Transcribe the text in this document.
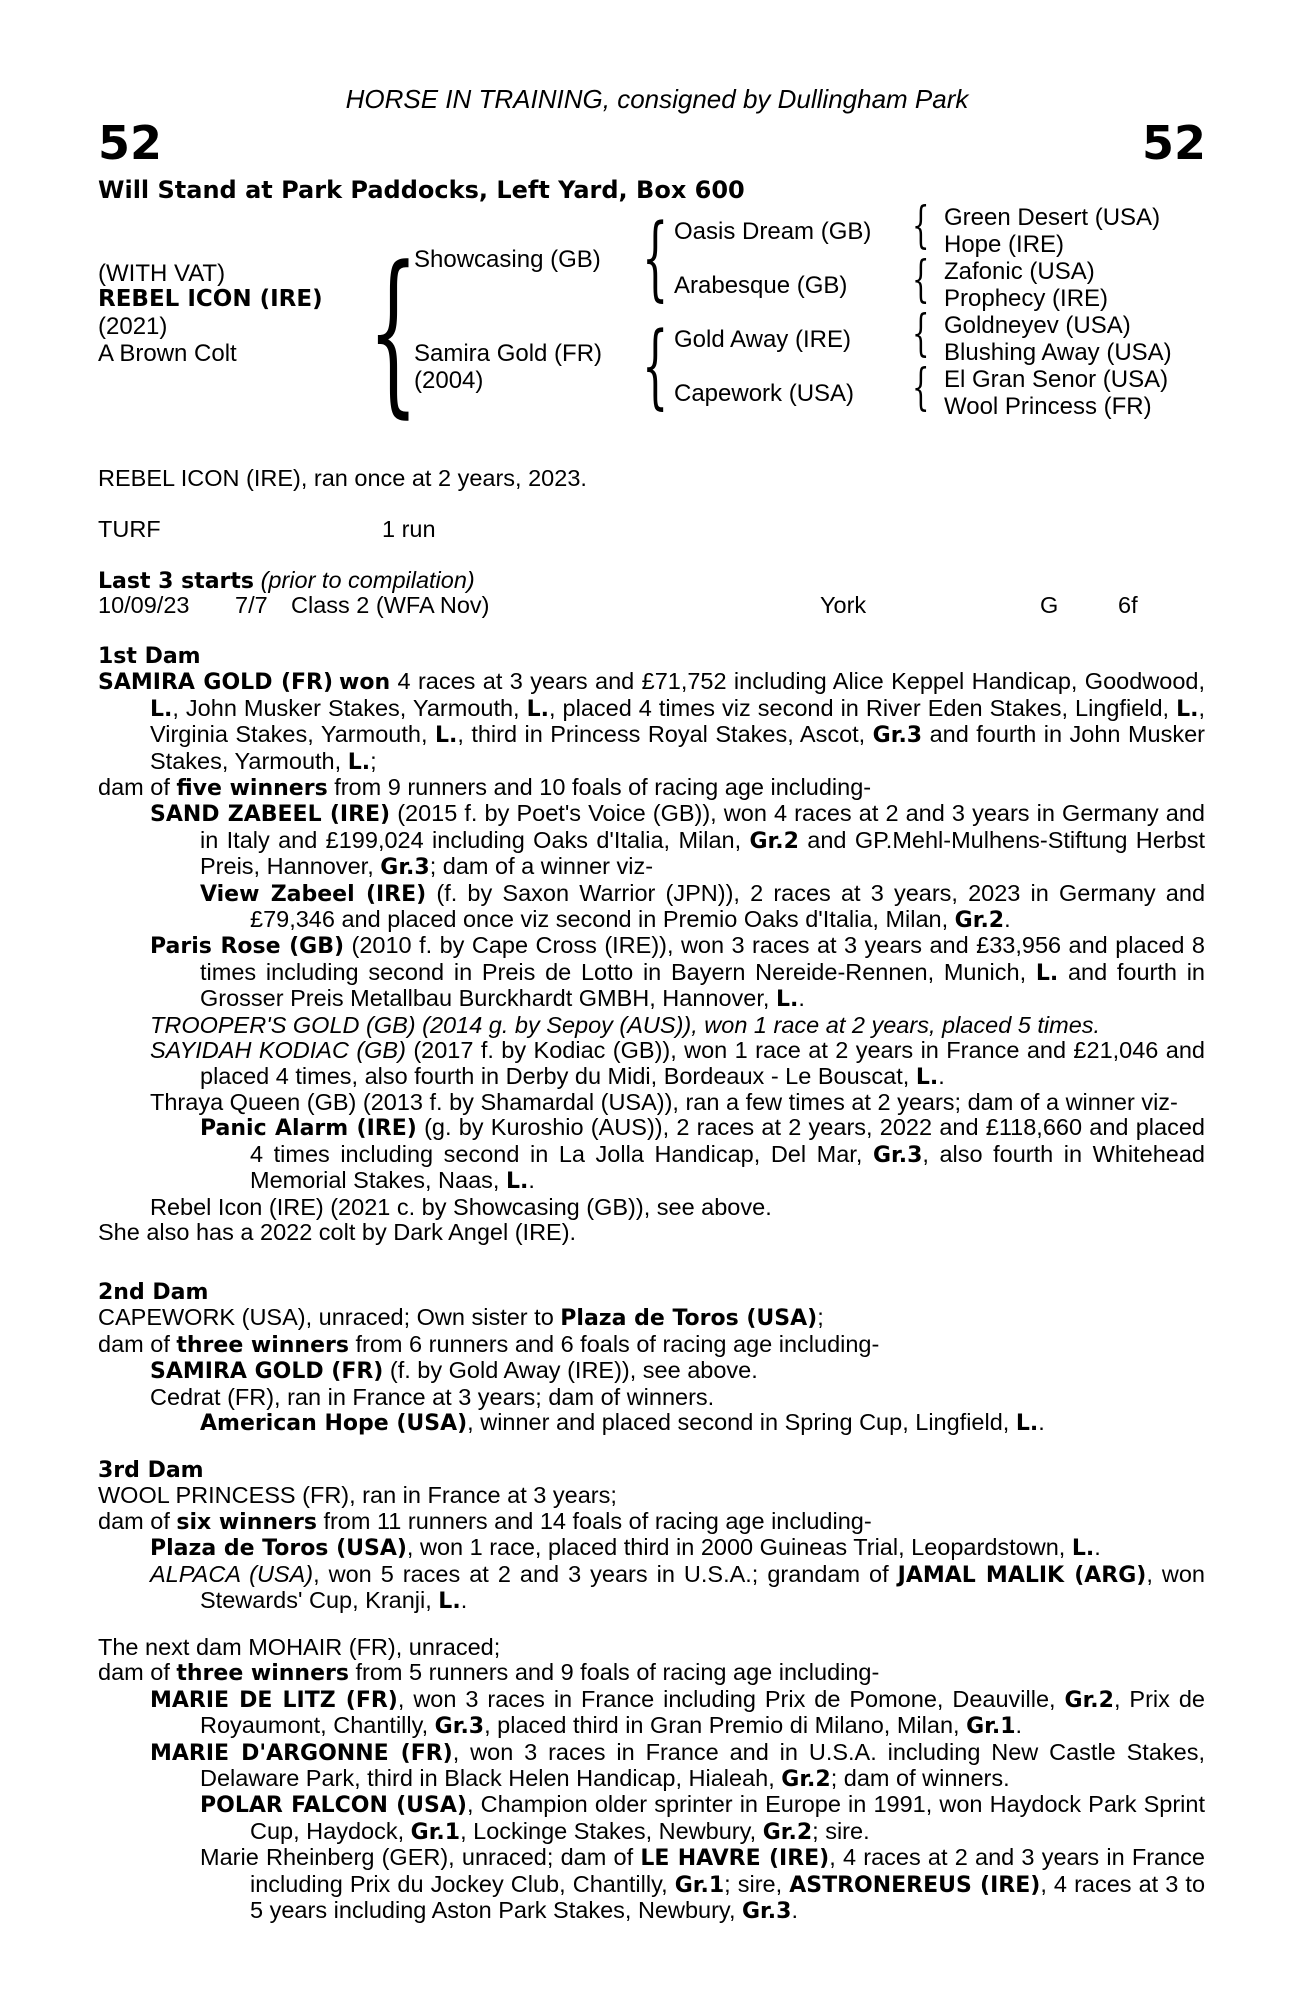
HORSE IN TRAINING, consigned by Dullingham Park
52	52
Will Stand at Park Paddocks, Left Yard, Box 600
(WITH VAT)
REBEL ICON (IRE)
(2021)
A Brown Colt {
Showcasing (GB)
Samira Gold (FR)
(2004)
{
{
Oasis Dream (GB)
Arabesque (GB)
Gold Away (IRE)
Capework (USA)
{
{
{
{
Green Desert (USA)
Hope (IRE)
Zafonic (USA)
Prophecy (IRE)
Goldneyev (USA)
Blushing Away (USA)
El Gran Senor (USA)
Wool Princess (FR)
REBEL ICON (IRE), ran once at 2 years, 2023.
TURF	1 run
Last 3 starts (prior to compilation)
10/09/23 7/7 Class 2 (WFA Nov)	York	G	6f

1st Dam

SAMIRA GOLD (FR) won 4 races at 3 years and £71,752 including Alice Keppel Handicap, Goodwood, L., John Musker Stakes, Yarmouth, L., placed 4 times viz second in River Eden Stakes, Lingfield, L., Virginia Stakes, Yarmouth, L., third in Princess Royal Stakes, Ascot, Gr.3 and fourth in John Musker Stakes, Yarmouth, L.;

dam of five winners from 9 runners and 10 foals of racing age including-

SAND ZABEEL (IRE) (2015 f. by Poet's Voice (GB)), won 4 races at 2 and 3 years in Germany and in Italy and £199,024 including Oaks d'Italia, Milan, Gr.2 and GP.Mehl-Mulhens-Stiftung Herbst Preis, Hannover, Gr.3; dam of a winner viz-

View Zabeel (IRE) (f. by Saxon Warrior (JPN)), 2 races at 3 years, 2023 in Germany and £79,346 and placed once viz second in Premio Oaks d'Italia, Milan, Gr.2.

Paris Rose (GB) (2010 f. by Cape Cross (IRE)), won 3 races at 3 years and £33,956 and placed 8 times including second in Preis de Lotto in Bayern Nereide-Rennen, Munich, L. and fourth in Grosser Preis Metallbau Burckhardt GMBH, Hannover, L..

TROOPER'S GOLD (GB) (2014 g. by Sepoy (AUS)), won 1 race at 2 years, placed 5 times.

SAYIDAH KODIAC (GB) (2017 f. by Kodiac (GB)), won 1 race at 2 years in France and £21,046 and placed 4 times, also fourth in Derby du Midi, Bordeaux - Le Bouscat, L..

Thraya Queen (GB) (2013 f. by Shamardal (USA)), ran a few times at 2 years; dam of a winner viz-

Panic Alarm (IRE) (g. by Kuroshio (AUS)), 2 races at 2 years, 2022 and £118,660 and placed 4 times including second in La Jolla Handicap, Del Mar, Gr.3, also fourth in Whitehead Memorial Stakes, Naas, L..

Rebel Icon (IRE) (2021 c. by Showcasing (GB)), see above.

She also has a 2022 colt by Dark Angel (IRE).

2nd Dam

CAPEWORK (USA), unraced; Own sister to Plaza de Toros (USA);

dam of three winners from 6 runners and 6 foals of racing age including-

SAMIRA GOLD (FR) (f. by Gold Away (IRE)), see above.

Cedrat (FR), ran in France at 3 years; dam of winners.

American Hope (USA), winner and placed second in Spring Cup, Lingfield, L..

3rd Dam

WOOL PRINCESS (FR), ran in France at 3 years;

dam of six winners from 11 runners and 14 foals of racing age including-

Plaza de Toros (USA), won 1 race, placed third in 2000 Guineas Trial, Leopardstown, L..

ALPACA (USA), won 5 races at 2 and 3 years in U.S.A.; grandam of JAMAL MALIK (ARG), won Stewards' Cup, Kranji, L..

The next dam MOHAIR (FR), unraced;

dam of three winners from 5 runners and 9 foals of racing age including-

MARIE DE LITZ (FR), won 3 races in France including Prix de Pomone, Deauville, Gr.2, Prix de Royaumont, Chantilly, Gr.3, placed third in Gran Premio di Milano, Milan, Gr.1.

MARIE D'ARGONNE (FR), won 3 races in France and in U.S.A. including New Castle Stakes, Delaware Park, third in Black Helen Handicap, Hialeah, Gr.2; dam of winners.

POLAR FALCON (USA), Champion older sprinter in Europe in 1991, won Haydock Park Sprint Cup, Haydock, Gr.1, Lockinge Stakes, Newbury, Gr.2; sire.

Marie Rheinberg (GER), unraced; dam of LE HAVRE (IRE), 4 races at 2 and 3 years in France including Prix du Jockey Club, Chantilly, Gr.1; sire, ASTRONEREUS (IRE), 4 races at 3 to 5 years including Aston Park Stakes, Newbury, Gr.3.
